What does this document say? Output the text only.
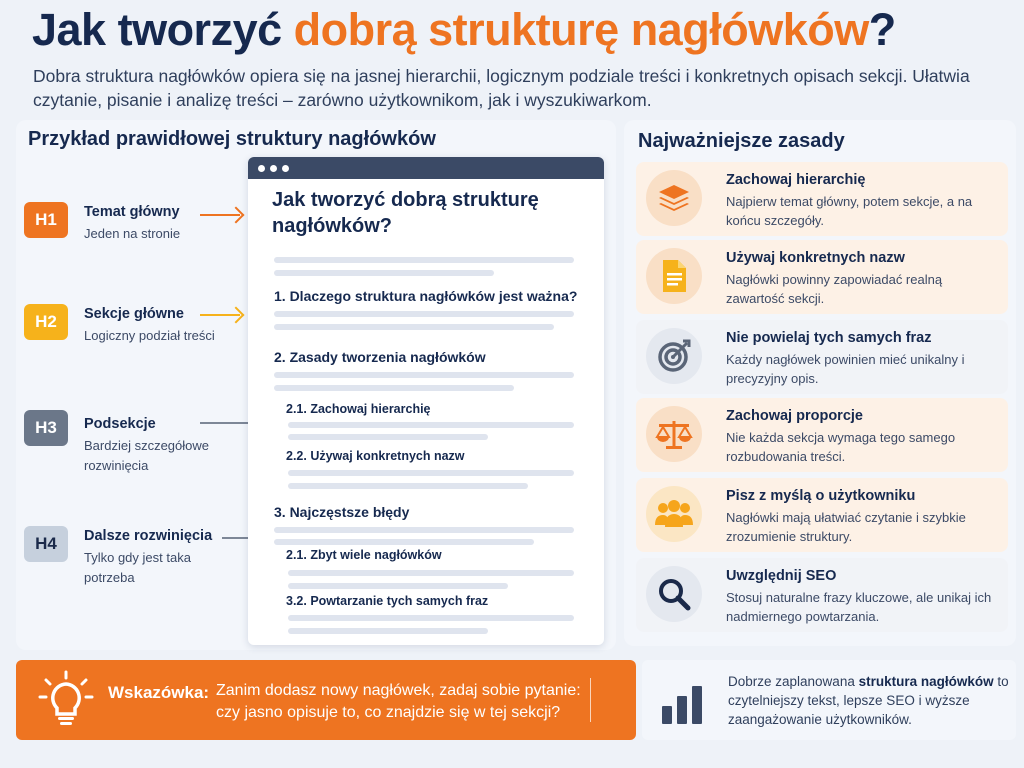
Jak tworzyć dobrą strukturę nagłówków?

Dobra struktura nagłówków opiera się na jasnej hierarchii, logicznym podziale treści i konkretnych opisach sekcji. Ułatwia czytanie, pisanie i analizę treści – zarówno użytkownikom, jak i wyszukiwarkom.

Przykład prawidłowej struktury nagłówków
H1	Temat główny
Jeden na stronie
H2	Sekcje główne
Logiczny podział treści
H3	Podsekcje
Bardziej szczegółowe rozwinięcia
H4	Dalsze rozwinięcia
Tylko gdy jest taka potrzeba
Jak tworzyć dobrą strukturę nagłówków?
1. Dlaczego struktura nagłówków jest ważna?
2. Zasady tworzenia nagłówków
2.1. Zachowaj hierarchię
2.2. Używaj konkretnych nazw
3. Najczęstsze błędy
2.1. Zbyt wiele nagłówków
3.2. Powtarzanie tych samych fraz
Najważniejsze zasady
Zachowaj hierarchię
Najpierw temat główny, potem sekcje, a na końcu szczegóły.
Używaj konkretnych nazw
Nagłówki powinny zapowiadać realną zawartość sekcji.
Nie powielaj tych samych fraz
Każdy nagłówek powinien mieć unikalny i precyzyjny opis.
Zachowaj proporcje
Nie każda sekcja wymaga tego samego rozbudowania treści.
Pisz z myślą o użytkowniku
Nagłówki mają ułatwiać czytanie i szybkie zrozumienie struktury.
Uwzględnij SEO
Stosuj naturalne frazy kluczowe, ale unikaj ich nadmiernego powtarzania.
Wskazówka: Zanim dodasz nowy nagłówek, zadaj sobie pytanie: czy jasno opisuje to, co znajdzie się w tej sekcji?
Dobrze zaplanowana struktura nagłówków to czytelniejszy tekst, lepsze SEO i wyższe zaangażowanie użytkowników.
